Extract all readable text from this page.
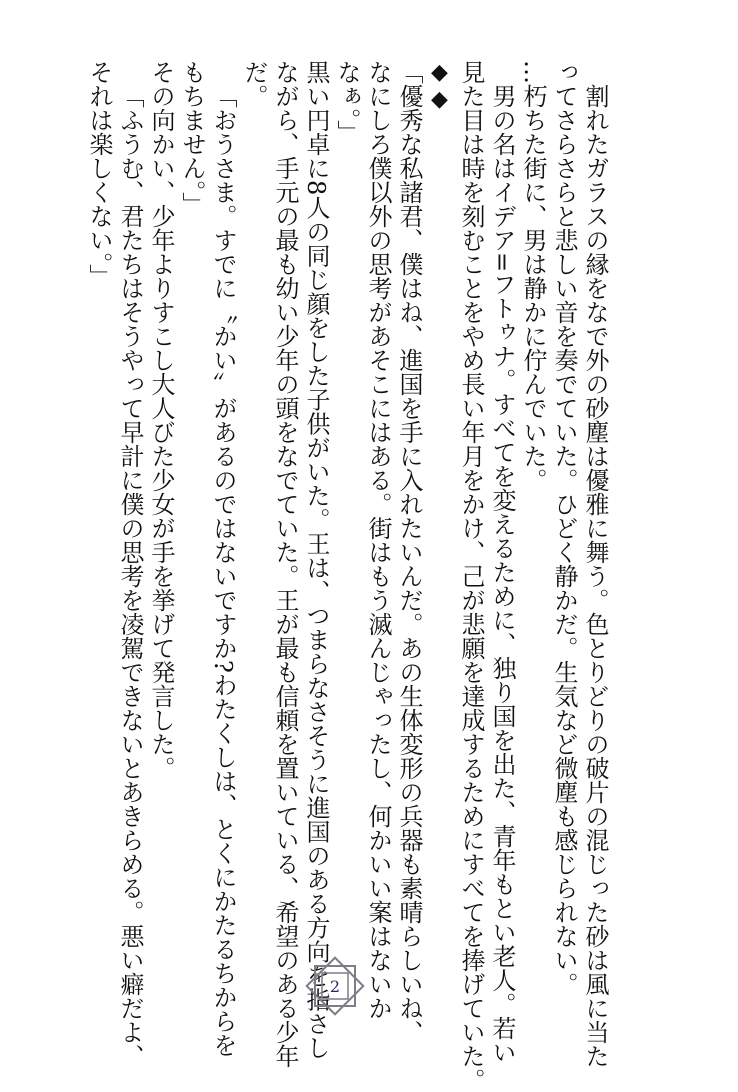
割れたガラスの縁をなで外の砂塵は優雅に舞う。色とりどりの破片の混じった砂は風に当た
ってさらさらと悲しい音を奏でていた。ひどく静かだ。生気など微塵も感じられない。
…朽ちた街に、男は静かに佇んでいた。
男の名はイデア=フトゥナ。すべてを変えるために、独り国を出た、青年もとい老人。若い
見た目は時を刻むことをやめ長い年月をかけ、己が悲願を達成するためにすべてを捧げていた。
◆◆
「優秀な私諸君、僕はね、進国を手に入れたいんだ。あの生体変形の兵器も素晴らしいね、
なにしろ僕以外の思考があそこにはある。街はもう滅んじゃったし、何かいい案はないか
なぁ。」
黒い円卓に8人の同じ顔をした子供がいた。王は、つまらなさそうに進国のある方向を指さし
ながら、手元の最も幼い少年の頭をなでていた。王が最も信頼を置いている、希望のある少年
だ。
「おうさま。すでに〝かい〟があるのではないですか?わたくしは、とくにかたるちからを
もちません。」
その向かい、少年よりすこし大人びた少女が手を挙げて発言した。
「ふうむ、君たちはそうやって早計に僕の思考を凌駕できないとあきらめる。悪い癖だよ、
それは楽しくない。」
2
